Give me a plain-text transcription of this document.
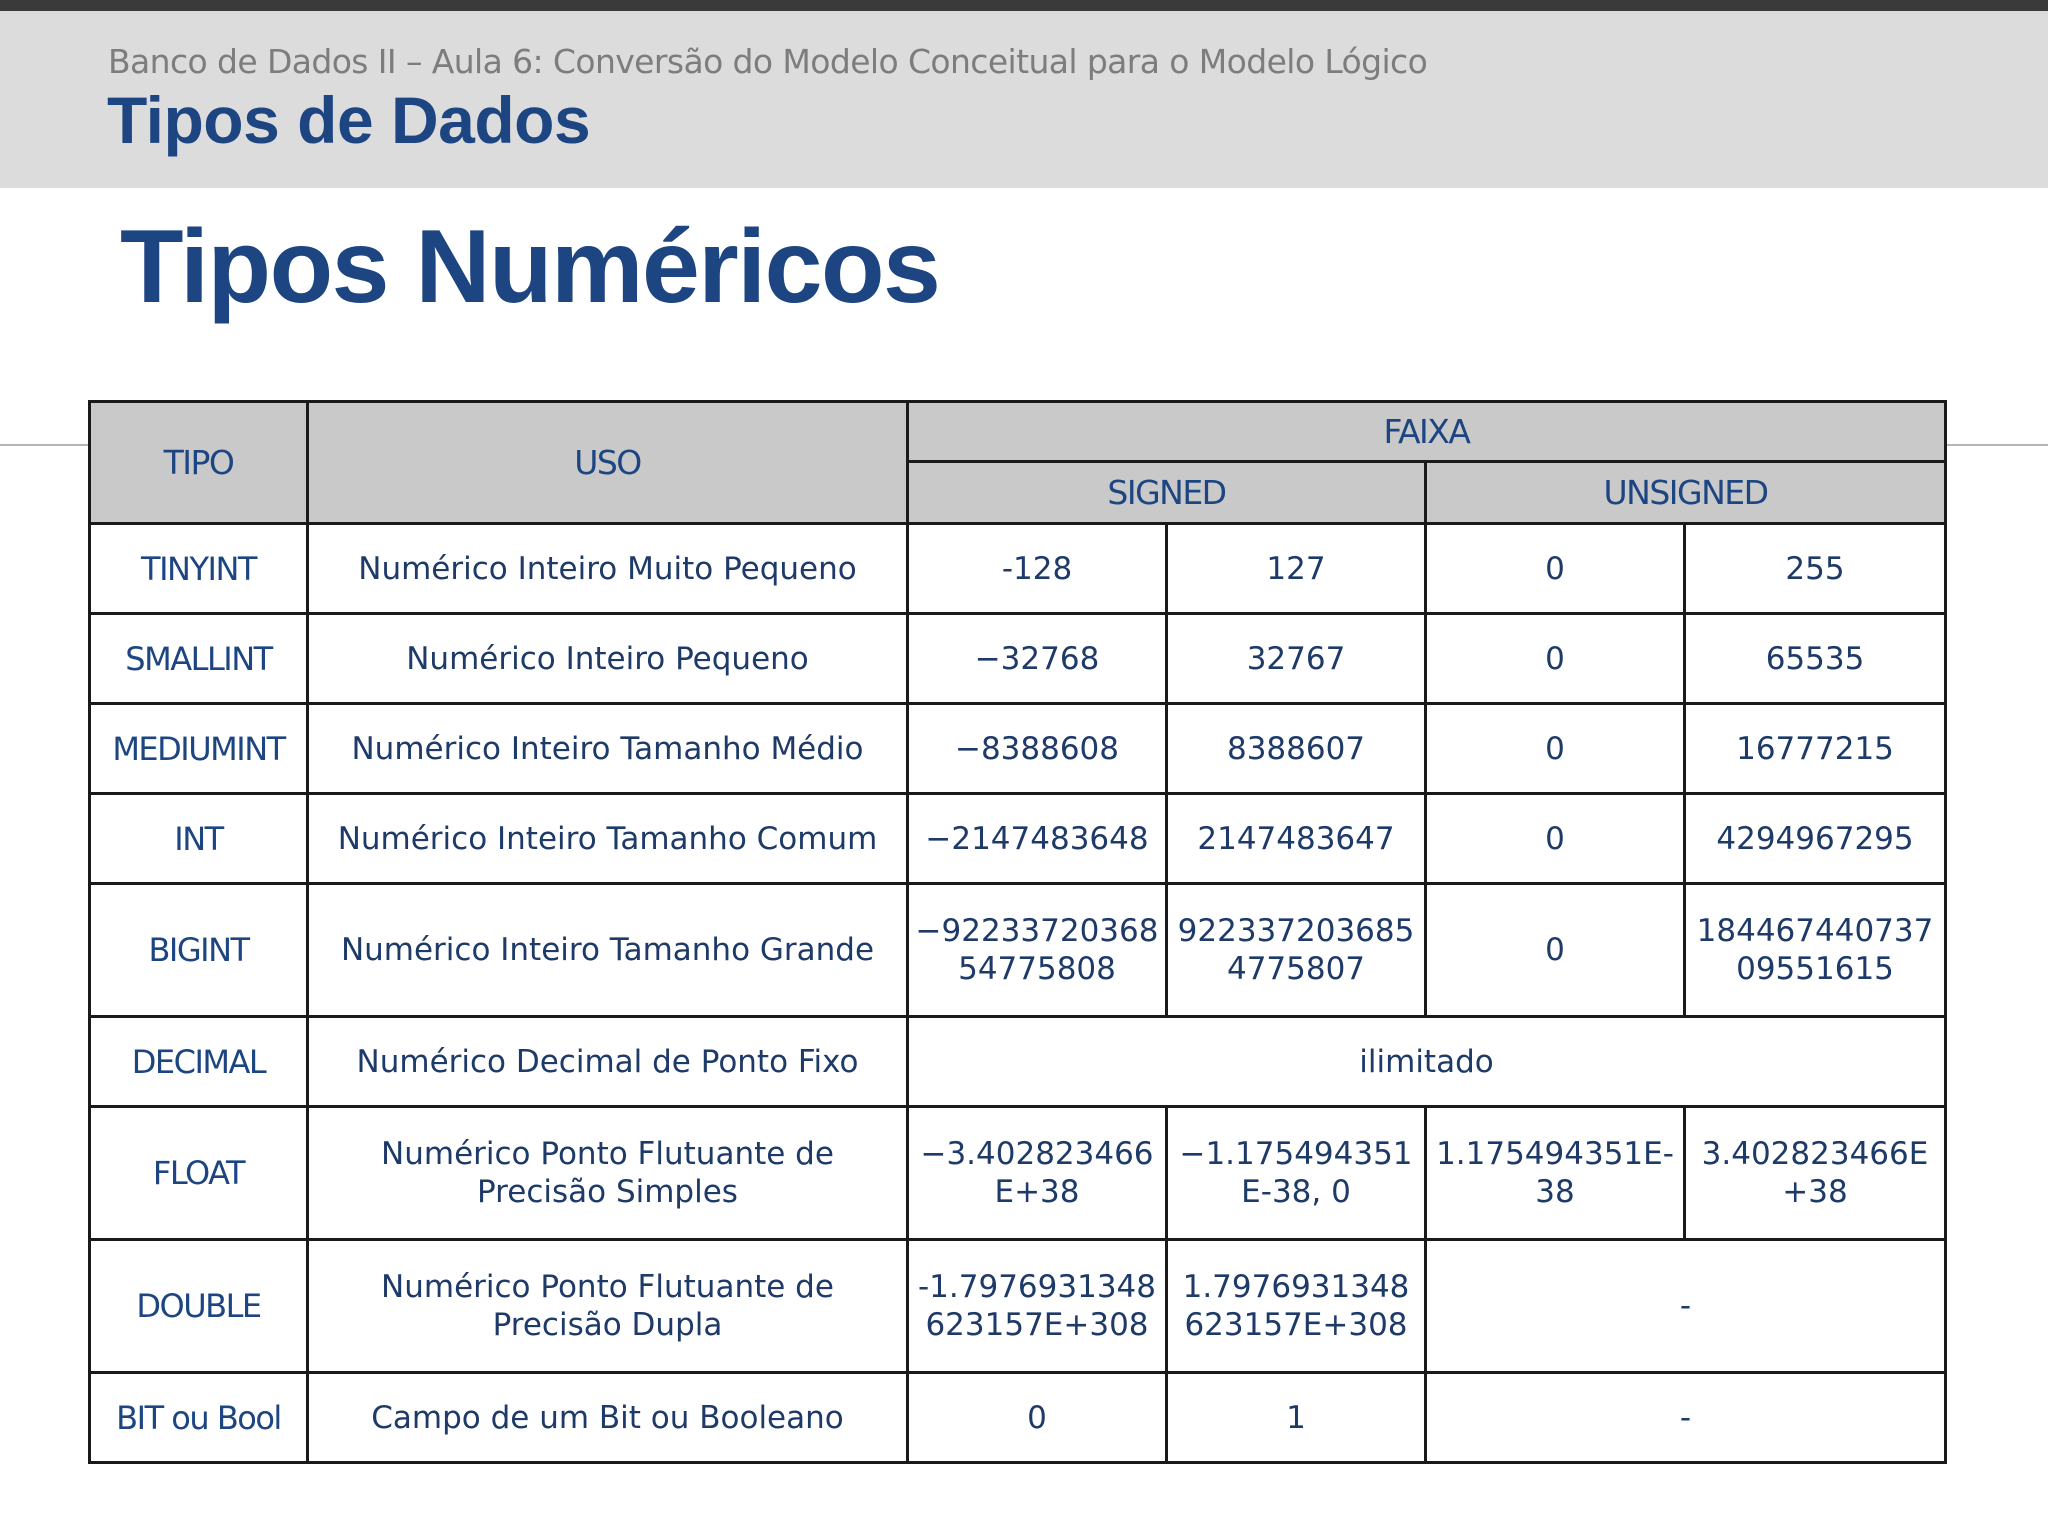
Banco de Dados II – Aula 6: Conversão do Modelo Conceitual para o Modelo Lógico
Tipos de Dados
Tipos Numéricos
TIPO	USO	FAIXA			
		SIGNED		UNSIGNED	
TINYINT	Numérico Inteiro Muito Pequeno	-128	127	0	255
SMALLINT	Numérico Inteiro Pequeno	−32768	32767	0	65535
MEDIUMINT	Numérico Inteiro Tamanho Médio	−8388608	8388607	0	16777215
INT	Numérico Inteiro Tamanho Comum	−2147483648	2147483647	0	4294967295
BIGINT	Numérico Inteiro Tamanho Grande	−9223372036854775808	9223372036854775807	0	18446744073709551615
DECIMAL	Numérico Decimal de Ponto Fixo	ilimitado			
FLOAT	Numérico Ponto Flutuante de Precisão Simples	−3.402823466E+38	−1.175494351E-38, 0	1.175494351E-38	3.402823466E+38
DOUBLE	Numérico Ponto Flutuante de Precisão Dupla	-1.7976931348623157E+308	1.7976931348623157E+308	-	
BIT ou Bool	Campo de um Bit ou Booleano	0	1	-	
